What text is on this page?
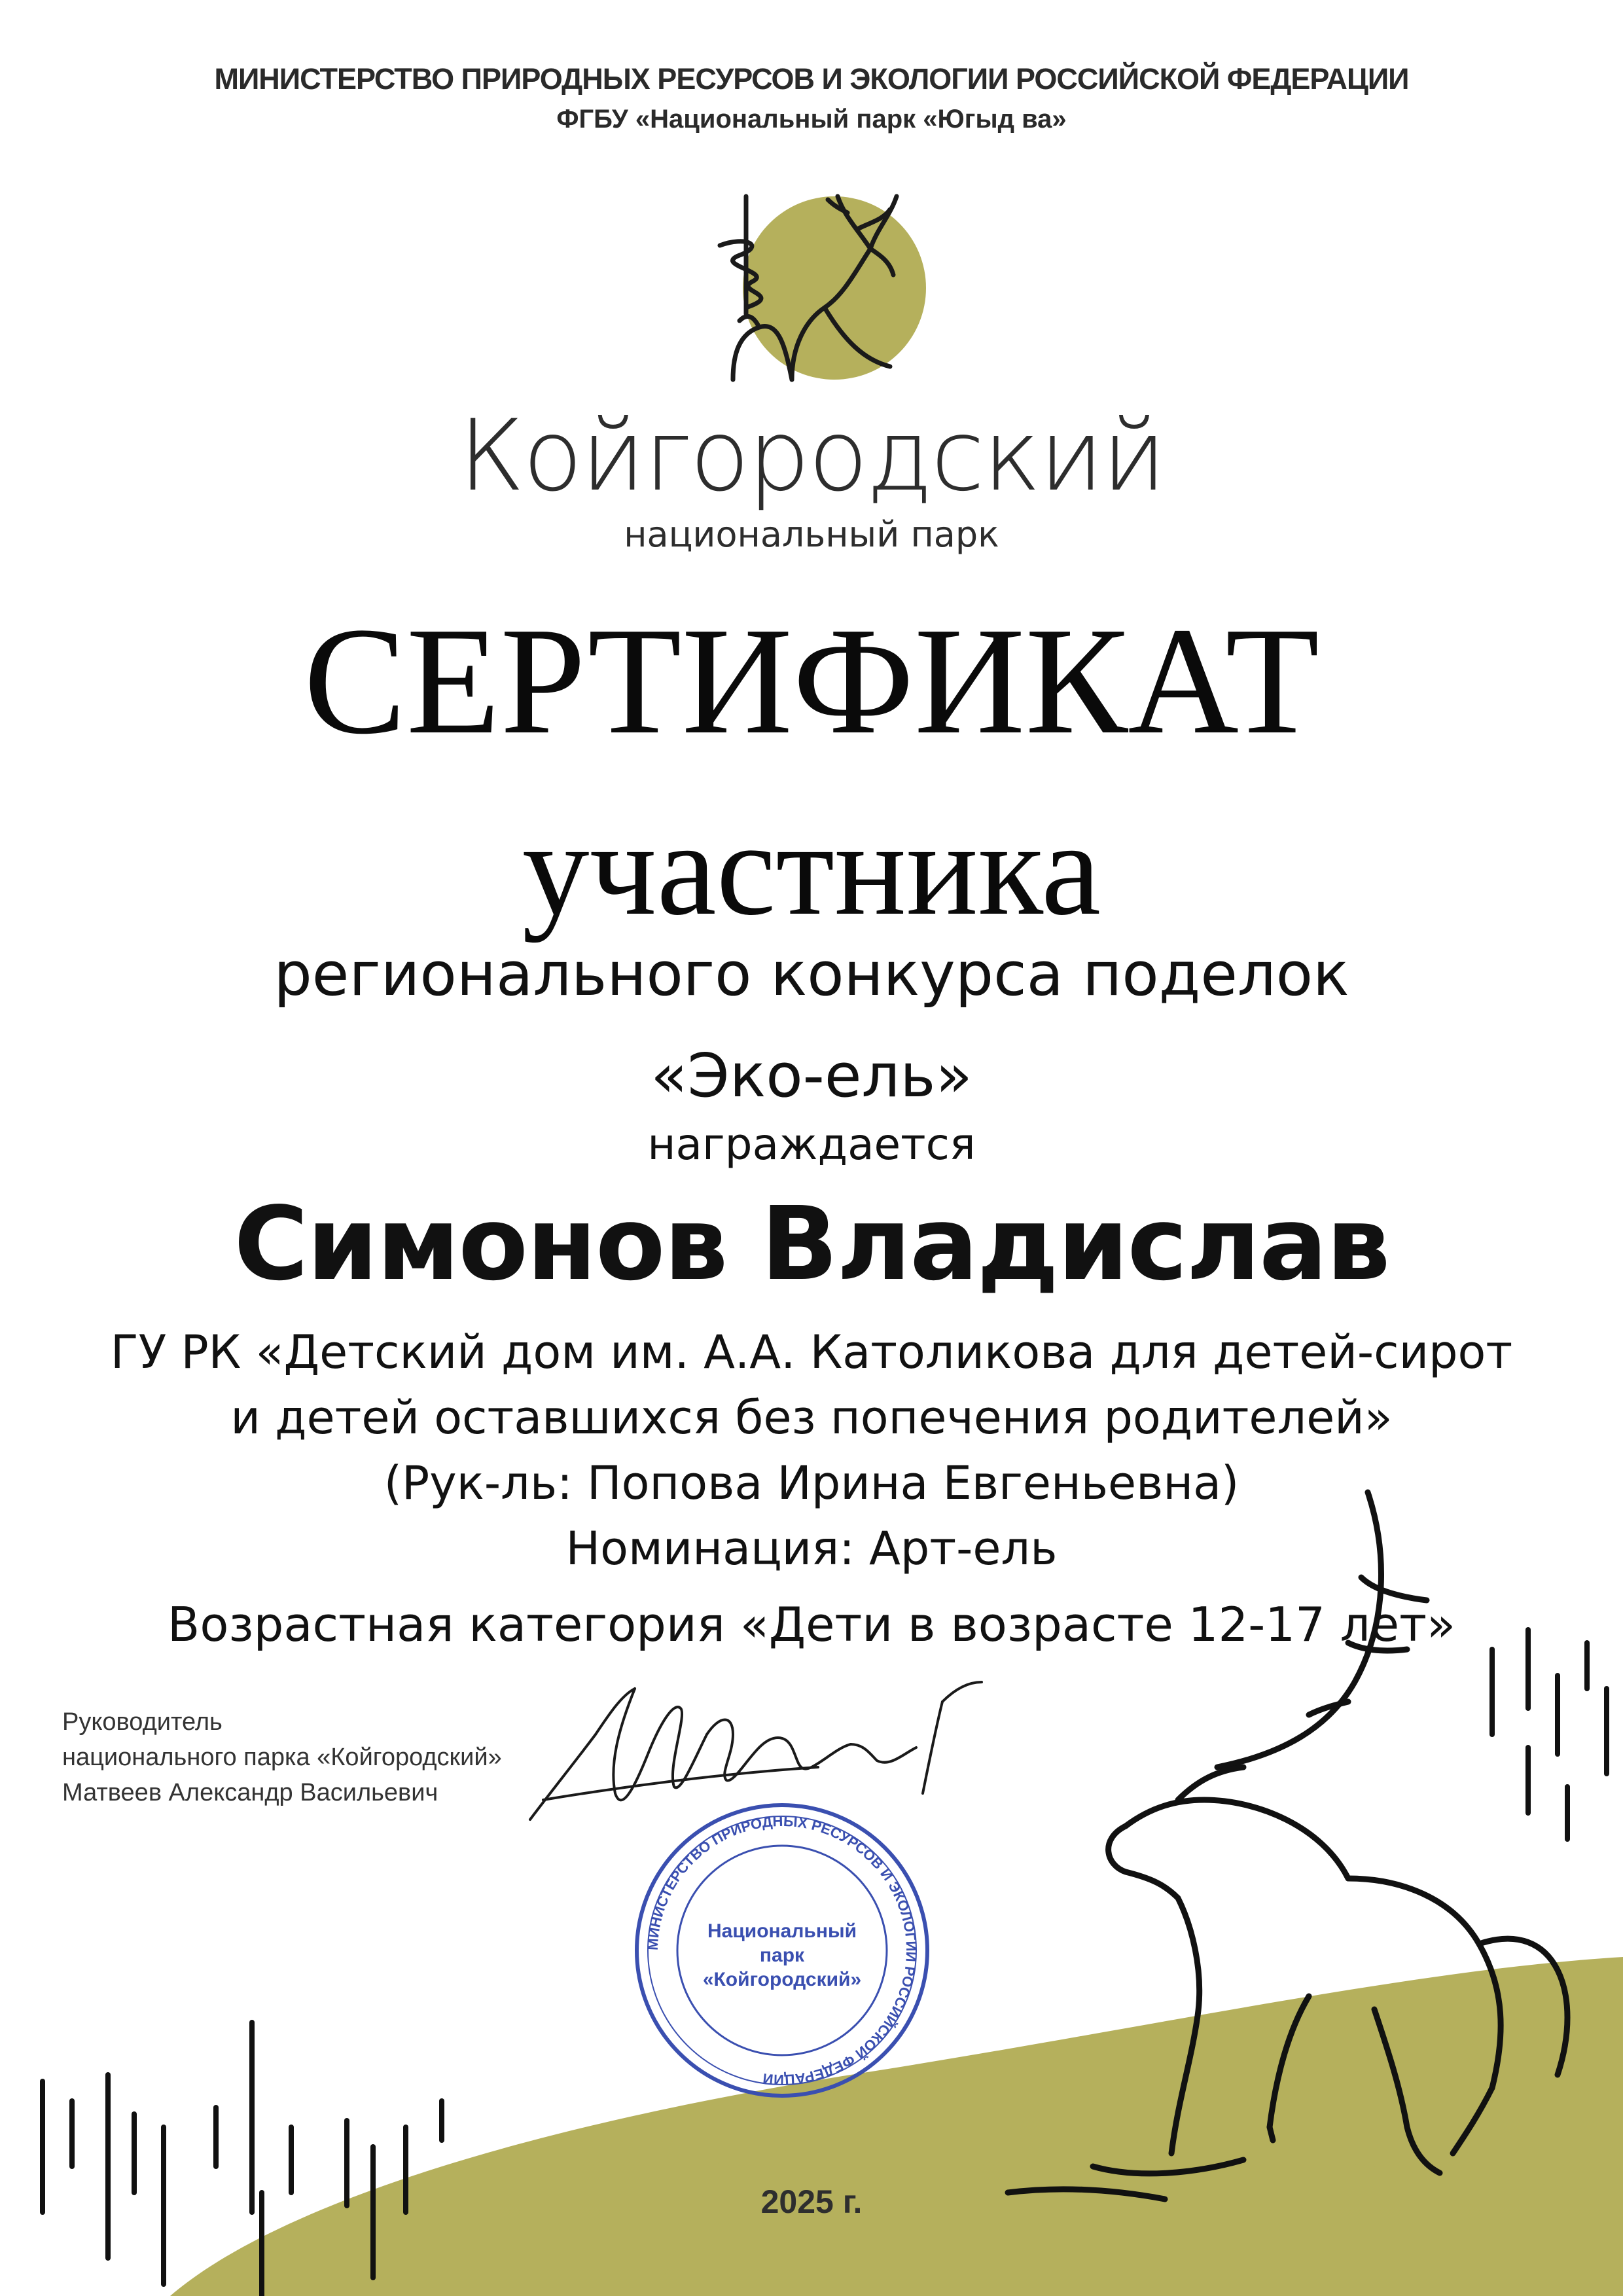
МИНИСТЕРСТВО ПРИРОДНЫХ РЕСУРСОВ И ЭКОЛОГИИ РОССИЙСКОЙ ФЕДЕРАЦИИ
ФГБУ «Национальный парк «Югыд ва»
Койгородский
национальный парк
СЕРТИФИКАТ
участника
регионального конкурса поделок
«Эко-ель»
награждается
Симонов Владислав
ГУ РК «Детский дом им. А.А. Католикова для детей-сирот
и детей оставшихся без попечения родителей»
(Рук-ль: Попова Ирина Евгеньевна)
Номинация: Арт-ель
Возрастная категория «Дети в возрасте 12-17 лет»
Руководитель
национального парка «Койгородский»
Матвеев Александр Васильевич
МИНИСТЕРСТВО ПРИРОДНЫХ РЕСУРСОВ И ЭКОЛОГИИ РОССИЙСКОЙ ФЕДЕРАЦИИ
Национальный
парк
«Койгородский»
2025 г.
